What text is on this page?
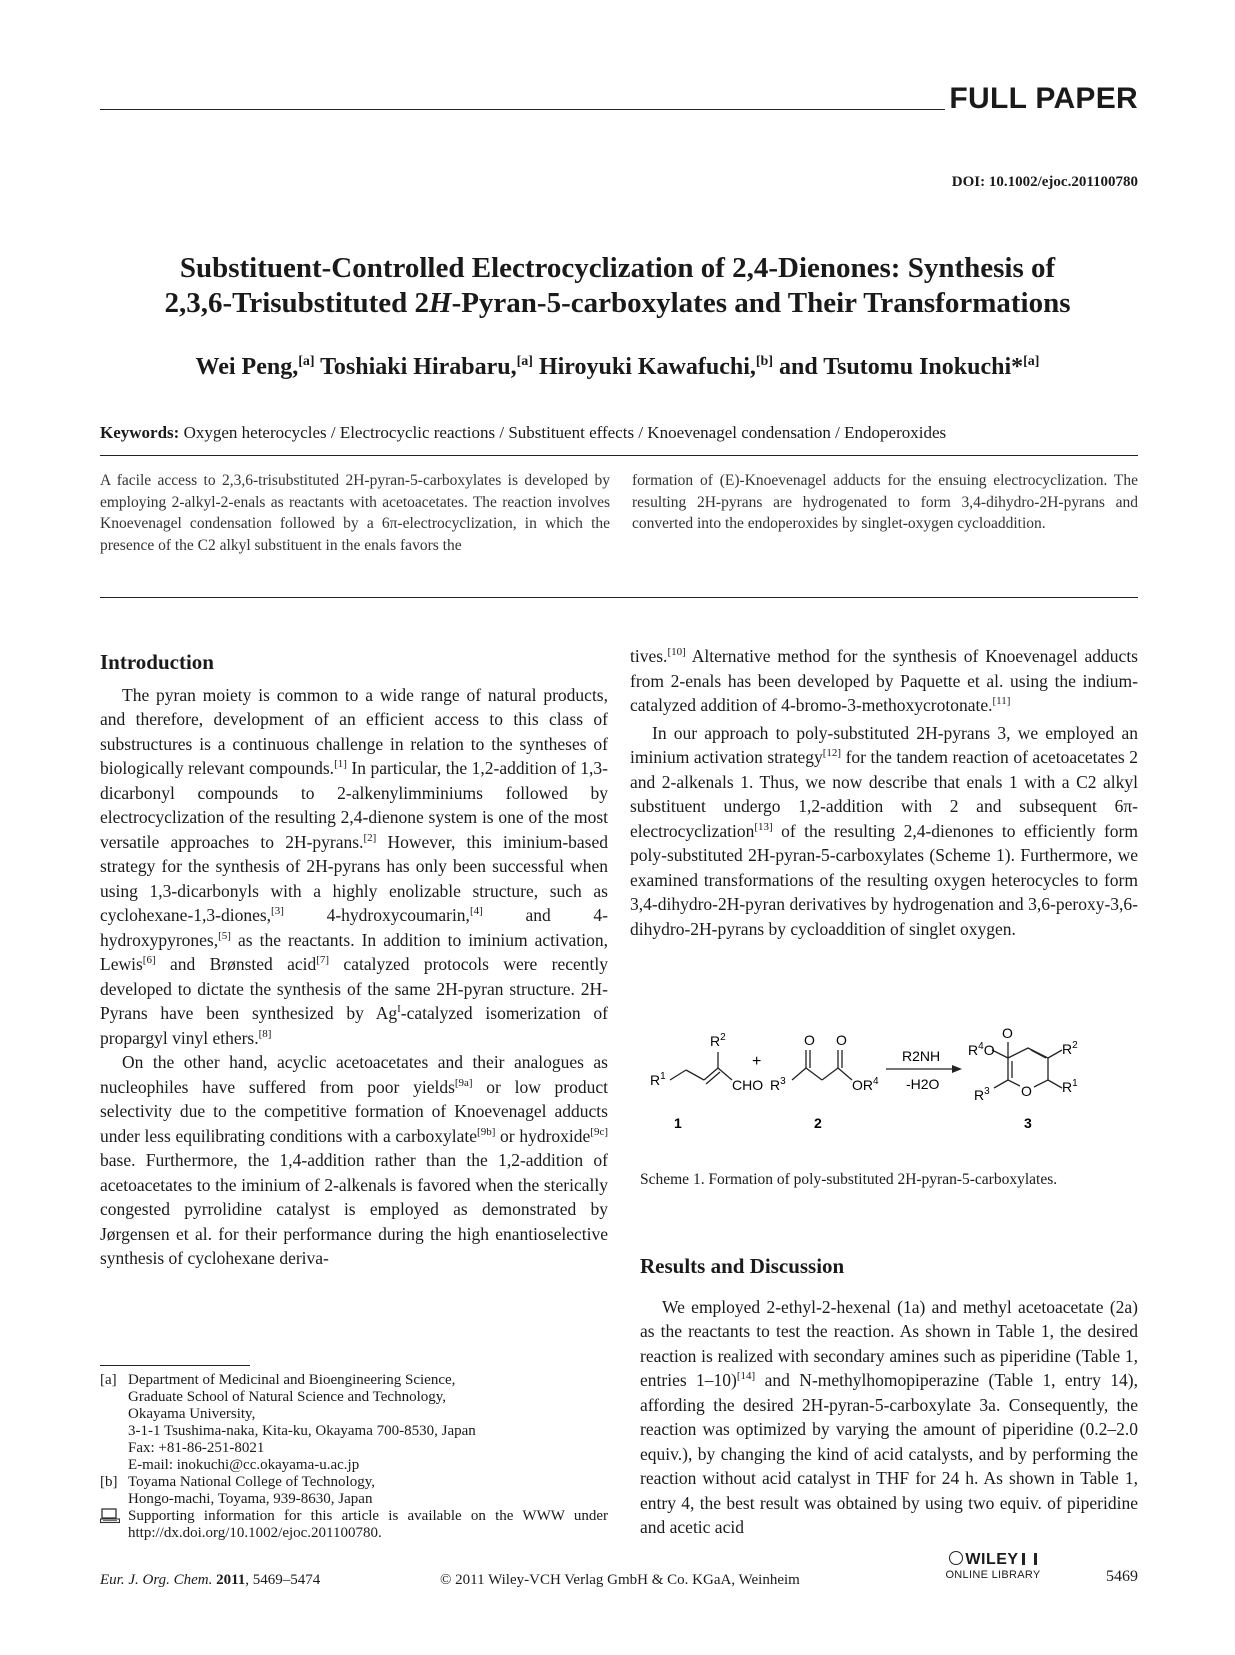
FULL PAPER
DOI: 10.1002/ejoc.201100780
Substituent-Controlled Electrocyclization of 2,4-Dienones: Synthesis of
2,3,6-Trisubstituted 2H-Pyran-5-carboxylates and Their Transformations
Wei Peng,[a] Toshiaki Hirabaru,[a] Hiroyuki Kawafuchi,[b] and Tsutomu Inokuchi*[a]
Keywords: Oxygen heterocycles / Electrocyclic reactions / Substituent effects / Knoevenagel condensation / Endoperoxides
A facile access to 2,3,6-trisubstituted 2H-pyran-5-carboxylates is developed by employing 2-alkyl-2-enals as reactants with acetoacetates. The reaction involves Knoevenagel condensation followed by a 6π-electrocyclization, in which the presence of the C2 alkyl substituent in the enals favors the
formation of (E)-Knoevenagel adducts for the ensuing electrocyclization. The resulting 2H-pyrans are hydrogenated to form 3,4-dihydro-2H-pyrans and converted into the endoperoxides by singlet-oxygen cycloaddition.
Introduction

The pyran moiety is common to a wide range of natural products, and therefore, development of an efficient access to this class of substructures is a continuous challenge in relation to the syntheses of biologically relevant compounds.[1] In particular, the 1,2-addition of 1,3-dicarbonyl compounds to 2-alkenylimminiums followed by electrocyclization of the resulting 2,4-dienone system is one of the most versatile approaches to 2H-pyrans.[2] However, this iminium-based strategy for the synthesis of 2H-pyrans has only been successful when using 1,3-dicarbonyls with a highly enolizable structure, such as cyclohexane-1,3-diones,[3] 4-hydroxycoumarin,[4] and 4-hydroxypyrones,[5] as the reactants. In addition to iminium activation, Lewis[6] and Brønsted acid[7] catalyzed protocols were recently developed to dictate the synthesis of the same 2H-pyran structure. 2H-Pyrans have been synthesized by $Ag^I$-catalyzed isomerization of propargyl vinyl ethers.[8]

On the other hand, acyclic acetoacetates and their analogues as nucleophiles have suffered from poor yields[9a] or low product selectivity due to the competitive formation of Knoevenagel adducts under less equilibrating conditions with a carboxylate[9b] or hydroxide[9c] base. Furthermore, the 1,4-addition rather than the 1,2-addition of acetoacetates to the iminium of 2-alkenals is favored when the sterically congested pyrrolidine catalyst is employed as demonstrated by Jørgensen et al. for their performance during the high enantioselective synthesis of cyclohexane deriva-

[a] Department of Medicinal and Bioengineering Science,
Graduate School of Natural Science and Technology,
Okayama University,
3-1-1 Tsushima-naka, Kita-ku, Okayama 700-8530, Japan
Fax: +81-86-251-8021
E-mail: inokuchi@cc.okayama-u.ac.jp
[b] Toyama National College of Technology,
Hongo-machi, Toyama, 939-8630, Japan
Supporting information for this article is available on the WWW under http://dx.doi.org/10.1002/ejoc.201100780.

tives.[10] Alternative method for the synthesis of Knoevenagel adducts from 2-enals has been developed by Paquette et al. using the indium-catalyzed addition of 4-bromo-3-methoxycrotonate.[11]

In our approach to poly-substituted 2H-pyrans 3, we employed an iminium activation strategy[12] for the tandem reaction of acetoacetates 2 and 2-alkenals 1. Thus, we now describe that enals 1 with a C2 alkyl substituent undergo 1,2-addition with 2 and subsequent 6π-electrocyclization[13] of the resulting 2,4-dienones to efficiently form poly-substituted 2H-pyran-5-carboxylates (Scheme 1). Furthermore, we examined transformations of the resulting oxygen heterocycles to form 3,4-dihydro-2H-pyran derivatives by hydrogenation and 3,6-peroxy-3,6-dihydro-2H-pyrans by cycloaddition of singlet oxygen.

$R^1$
$R^2$
CHO
+
O O
$R^3$	$OR^4$
R2NH
-H2O	O
O
$R^4O$	$R^2$
$R^1$
$R^3$
1	2	3
Scheme 1. Formation of poly-substituted 2H-pyran-5-carboxylates.
Results and Discussion

We employed 2-ethyl-2-hexenal (1a) and methyl acetoacetate (2a) as the reactants to test the reaction. As shown in Table 1, the desired reaction is realized with secondary amines such as piperidine (Table 1, entries 1–10)[14] and N-methylhomopiperazine (Table 1, entry 14), affording the desired 2H-pyran-5-carboxylate 3a. Consequently, the reaction was optimized by varying the amount of piperidine (0.2–2.0 equiv.), by changing the kind of acid catalysts, and by performing the reaction without acid catalyst in THF for 24 h. As shown in Table 1, entry 4, the best result was obtained by using two equiv. of piperidine and acetic acid

Eur. J. Org. Chem. 2011, 5469–5474	© 2011 Wiley-VCH Verlag GmbH & Co. KGaA, Weinheim
WILEY
ONLINE LIBRARY	5469
